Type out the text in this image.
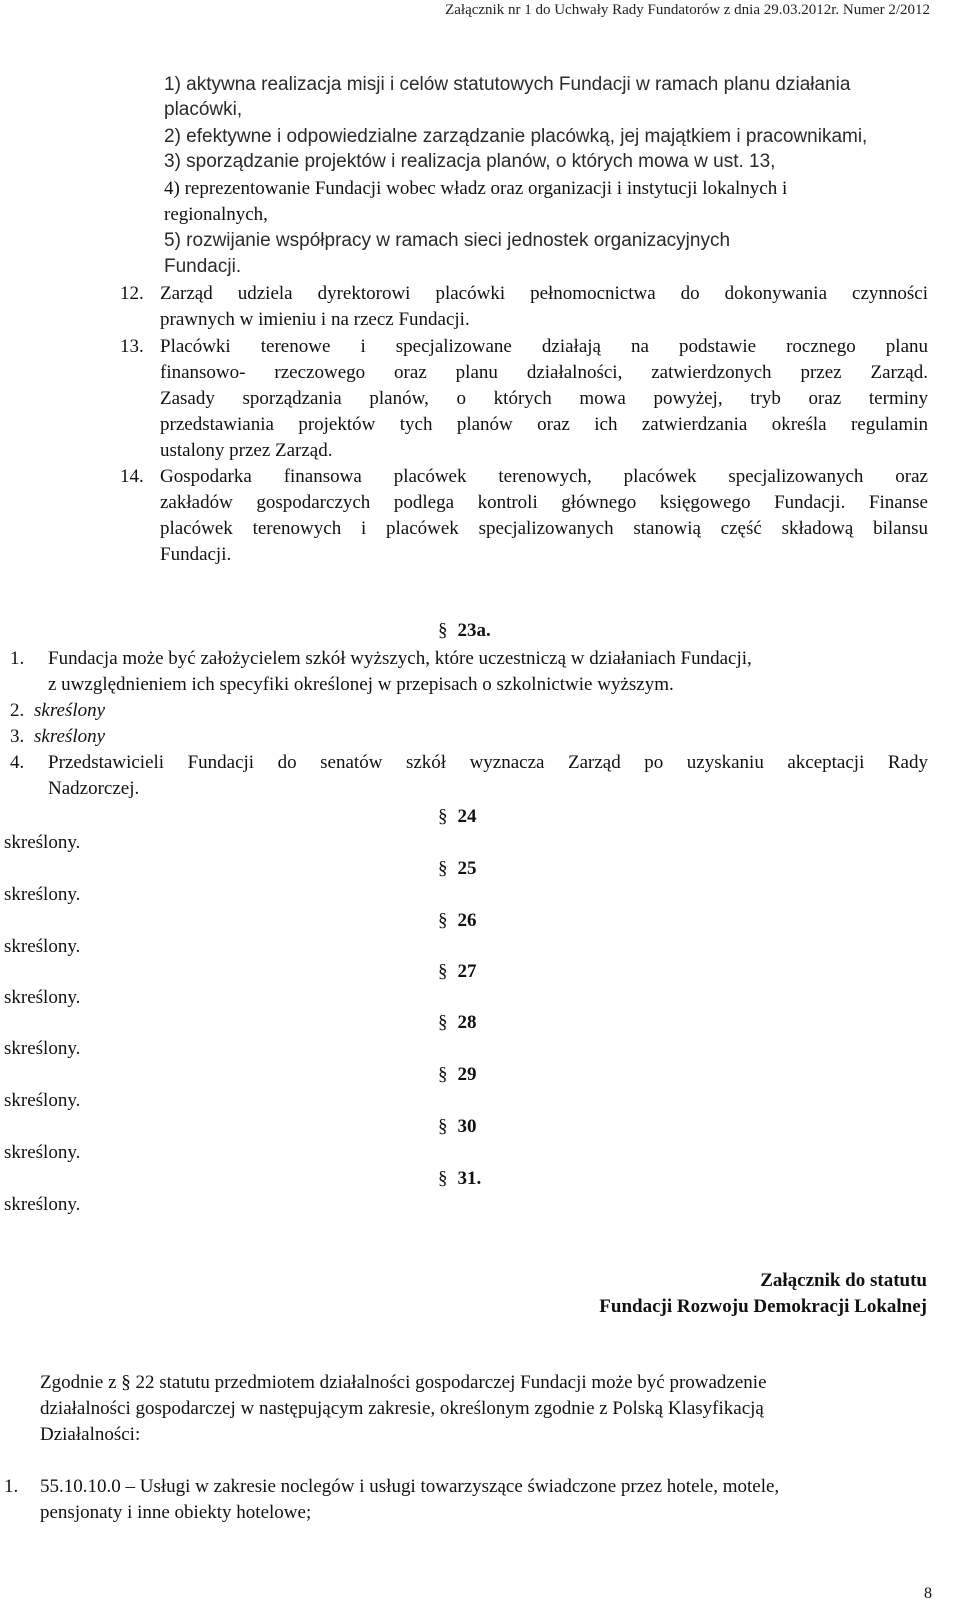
Załącznik nr 1 do Uchwały Rady Fundatorów z dnia 29.03.2012r. Numer 2/2012
1) aktywna realizacja misji i celów statutowych Fundacji w ramach planu działania
placówki,
2) efektywne i odpowiedzialne zarządzanie placówką, jej majątkiem i pracownikami,
3) sporządzanie projektów i realizacja planów, o których mowa w ust. 13,
4) reprezentowanie Fundacji wobec władz oraz organizacji i instytucji lokalnych i
regionalnych,
5) rozwijanie współpracy w ramach sieci jednostek organizacyjnych
Fundacji.
12. Zarząd udziela dyrektorowi placówki pełnomocnictwa do dokonywania czynności
prawnych w imieniu i na rzecz Fundacji.
13. Placówki terenowe i specjalizowane działają na podstawie rocznego planu
finansowo- rzeczowego oraz planu działalności, zatwierdzonych przez Zarząd.
Zasady sporządzania planów, o których mowa powyżej, tryb oraz terminy
przedstawiania projektów tych planów oraz ich zatwierdzania określa regulamin
ustalony przez Zarząd.
14. Gospodarka finansowa placówek terenowych, placówek specjalizowanych oraz
zakładów gospodarczych podlega kontroli głównego księgowego Fundacji. Finanse
placówek terenowych i placówek specjalizowanych stanowią część składową bilansu
Fundacji.
§ 23a.
1. Fundacja może być założycielem szkół wyższych, które uczestniczą w działaniach Fundacji,
z uwzględnieniem ich specyfiki określonej w przepisach o szkolnictwie wyższym.
2. skreślony
3. skreślony
4. Przedstawicieli Fundacji do senatów szkół wyznacza Zarząd po uzyskaniu akceptacji Rady
Nadzorczej.
§ 24
skreślony.
§ 25
skreślony.
§ 26
skreślony.
§ 27
skreślony.
§ 28
skreślony.
§ 29
skreślony.
§ 30
skreślony.
§ 31.
skreślony.
Załącznik do statutu
Fundacji Rozwoju Demokracji Lokalnej
Zgodnie z § 22 statutu przedmiotem działalności gospodarczej Fundacji może być prowadzenie
działalności gospodarczej w następującym zakresie, określonym zgodnie z Polską Klasyfikacją
Działalności:
1. 55.10.10.0 – Usługi w zakresie noclegów i usługi towarzyszące świadczone przez hotele, motele,
pensjonaty i inne obiekty hotelowe;
8
